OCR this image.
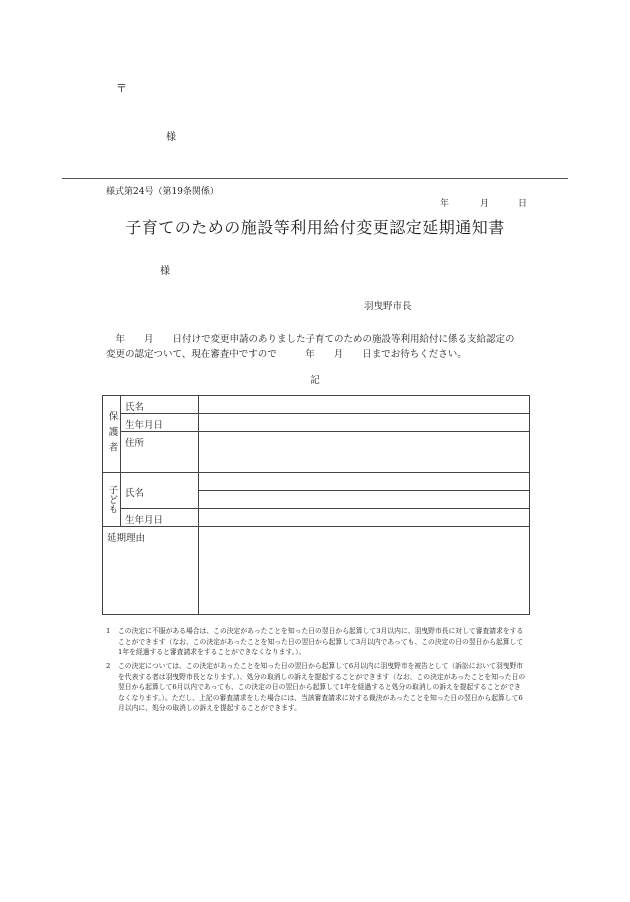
〒
様
様式第24号（第19条関係）
年	月	日
子育てのための施設等利用給付変更認定延期通知書
様
羽曳野市長
　年　　月　　日付けで変更申請のありました子育てのための施設等利用給付に係る支給認定の
変更の認定ついて、現在審査中ですので　　　年　　月　　日までお待ちください。
記
保護者	氏名	
	生年月日	
	住所	
子ども	氏名	

	生年月日	
延期理由		
1	この決定に不服がある場合は、この決定があったことを知った日の翌日から起算して3月以内に、羽曳野市長に対して審査請求をすることができます（なお、この決定があったことを知った日の翌日から起算して3月以内であっても、この決定の日の翌日から起算して1年を経過すると審査請求をすることができなくなります。）。
2	この決定については、この決定があったことを知った日の翌日から起算して6月以内に羽曳野市を被告として（訴訟において羽曳野市を代表する者は羽曳野市長となります。）、処分の取消しの訴えを提起することができます（なお、この決定があったことを知った日の翌日から起算して6月以内であっても、この決定の日の翌日から起算して1年を経過すると処分の取消しの訴えを提起することができなくなります。）。ただし、上記の審査請求をした場合には、当該審査請求に対する裁決があったことを知った日の翌日から起算して6月以内に、処分の取消しの訴えを提起することができます。
